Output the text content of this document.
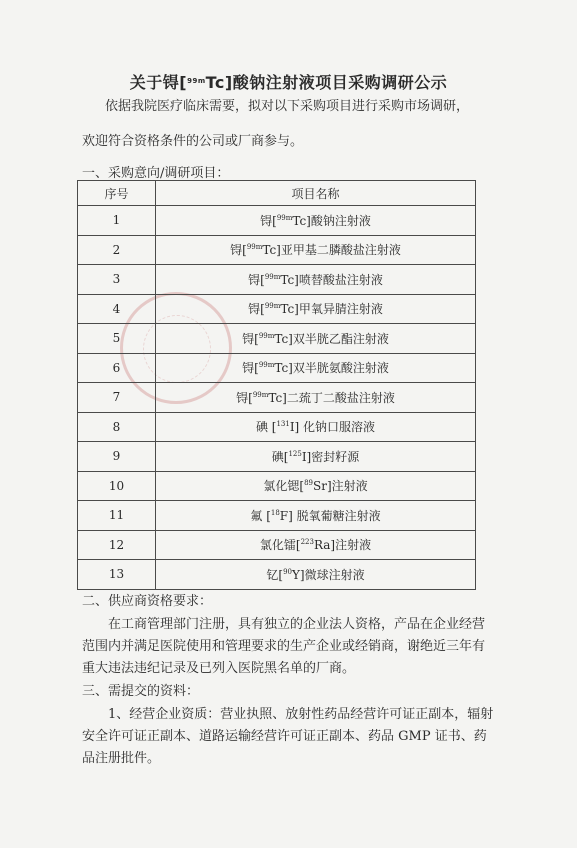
关于锝[$^{99m}$Tc]酸钠注射液项目采购调研公示
依据我院医疗临床需要，拟对以下采购项目进行采购市场调研，
欢迎符合资格条件的公司或厂商参与。
一、采购意向/调研项目：
序号	项目名称
1	锝[$^{99m}$Tc]酸钠注射液
2	锝[$^{99m}$Tc]亚甲基二膦酸盐注射液
3	锝[$^{99m}$Tc]喷替酸盐注射液
4	锝[$^{99m}$Tc]甲氧异腈注射液
5	锝[$^{99m}$Tc]双半胱乙酯注射液
6	锝[$^{99m}$Tc]双半胱氨酸注射液
7	锝[$^{99m}$Tc]二巯丁二酸盐注射液
8	碘 [$^{131}$I] 化钠口服溶液
9	碘[$^{125}$I]密封籽源
10	氯化锶[$^{89}$Sr]注射液
11	氟 [$^{18}$F] 脱氧葡糖注射液
12	氯化镭[$^{223}$Ra]注射液
13	钇[$^{90}$Y]微球注射液
二、供应商资格要求：
在工商管理部门注册，具有独立的企业法人资格，产品在企业经营范围内并满足医院使用和管理要求的生产企业或经销商，谢绝近三年有重大违法违纪记录及已列入医院黑名单的厂商。
三、需提交的资料：
1、经营企业资质：营业执照、放射性药品经营许可证正副本，辐射安全许可证正副本、道路运输经营许可证正副本、药品 GMP 证书、药品注册批件。
